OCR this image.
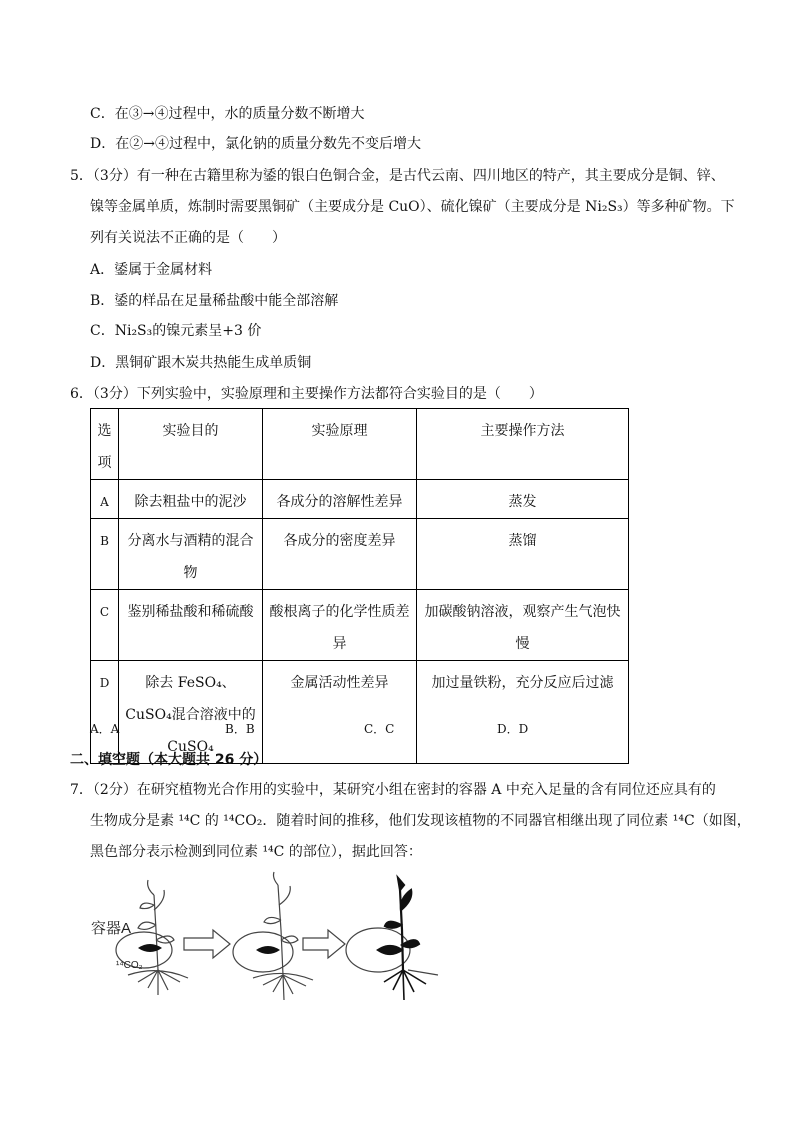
C．在③→④过程中，水的质量分数不断增大
D．在②→④过程中，氯化钠的质量分数先不变后增大
5．（3分）有一种在古籍里称为鋈的银白色铜合金，是古代云南、四川地区的特产，其主要成分是铜、锌、
镍等金属单质，炼制时需要黑铜矿（主要成分是 CuO）、硫化镍矿（主要成分是 Ni₂S₃）等多种矿物。下
列有关说法不正确的是（　　）
A．鋈属于金属材料
B．鋈的样品在足量稀盐酸中能全部溶解
C．Ni₂S₃的镍元素呈+3 价
D．黑铜矿跟木炭共热能生成单质铜
6．（3分）下列实验中，实验原理和主要操作方法都符合实验目的是（　　）
选项	实验目的	实验原理	主要操作方法
A	除去粗盐中的泥沙	各成分的溶解性差异	蒸发
B	分离水与酒精的混合物	各成分的密度差异	蒸馏
C	鉴别稀盐酸和稀硫酸	酸根离子的化学性质差异	加碳酸钠溶液，观察产生气泡快慢
D	除去 FeSO₄、CuSO₄混合溶液中的 CuSO₄	金属活动性差异	加过量铁粉，充分反应后过滤
A．A	B．B	C．C	D．D
二、填空题（本大题共 26 分）
7．（2分）在研究植物光合作用的实验中，某研究小组在密封的容器 A 中充入足量的含有同位还应具有的
生物成分是素 ¹⁴C 的 ¹⁴CO₂．随着时间的推移，他们发现该植物的不同器官相继出现了同位素 ¹⁴C（如图，
黑色部分表示检测到同位素 ¹⁴C 的部位），据此回答：
容器A
¹⁴CO₂
